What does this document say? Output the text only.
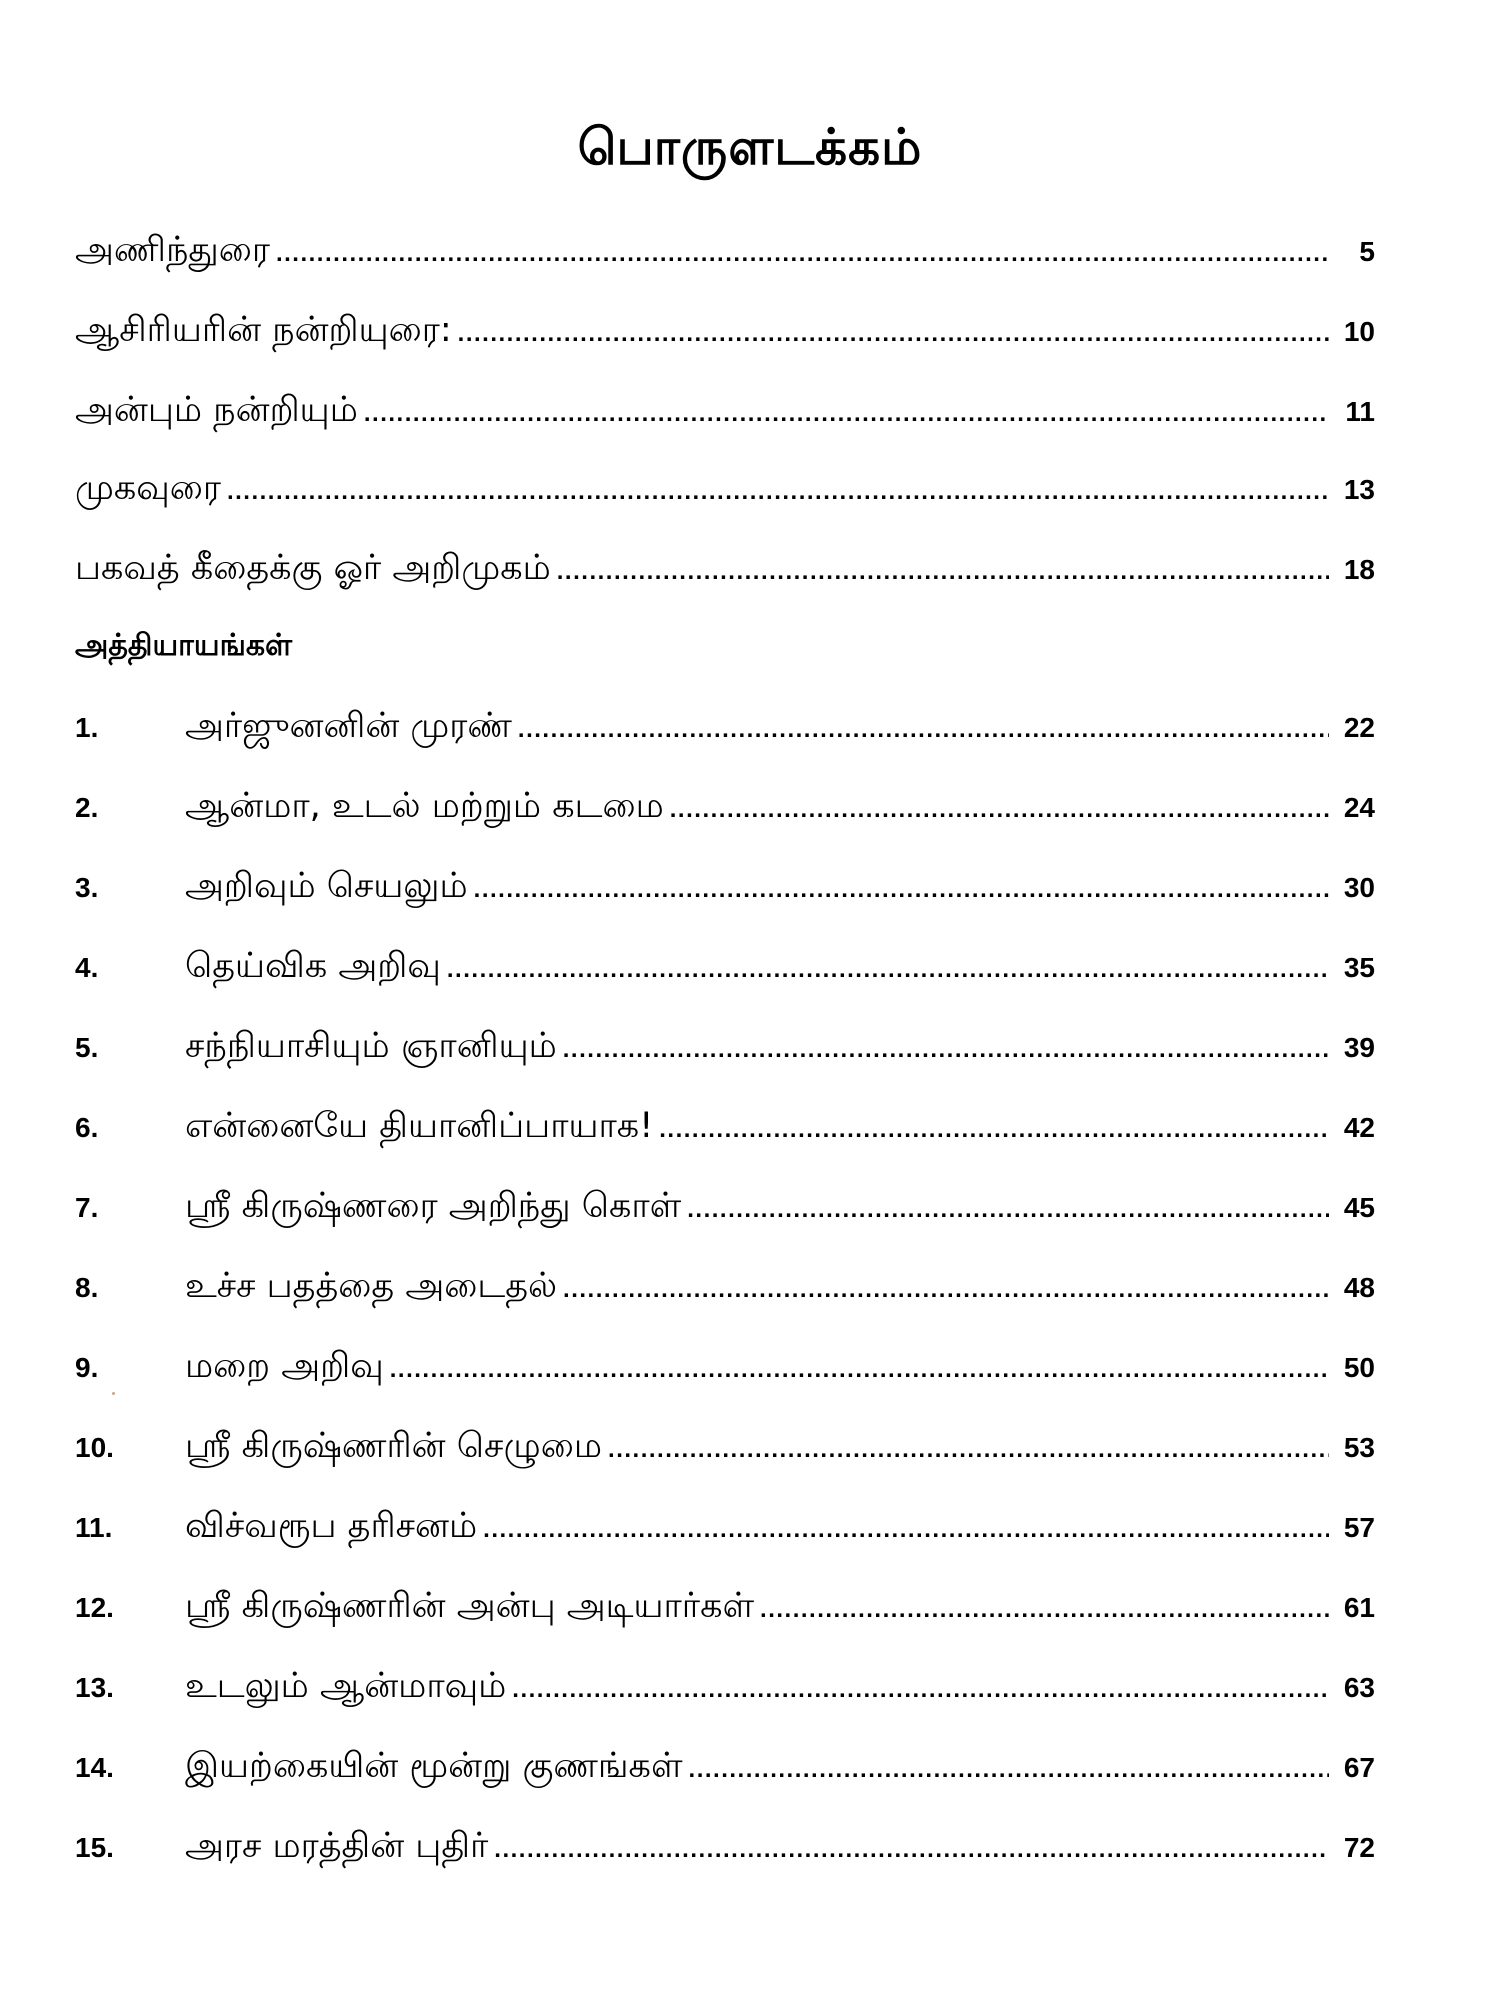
பொருளடக்கம்
அணிந்துரை .....	5
ஆசிரியரின் நன்றியுரை: .....	10
அன்பும் நன்றியும் .....	11
முகவுரை .....	13
பகவத் கீதைக்கு ஓர் அறிமுகம் .....	18
அத்தியாயங்கள்
1.	அர்ஜுனனின் முரண் .....	22
2.	ஆன்மா, உடல் மற்றும் கடமை .....	24
3.	அறிவும் செயலும் .....	30
4.	தெய்விக அறிவு .....	35
5.	சந்நியாசியும் ஞானியும் .....	39
6.	என்னையே தியானிப்பாயாக! .....	42
7.	ஸ்ரீ கிருஷ்ணரை அறிந்து கொள் .....	45
8.	உச்ச பதத்தை அடைதல் .....	48
9.	மறை அறிவு .....	50
10.	ஸ்ரீ கிருஷ்ணரின் செழுமை .....	53
11.	விச்வரூப தரிசனம் .....	57
12.	ஸ்ரீ கிருஷ்ணரின் அன்பு அடியார்கள் .....	61
13.	உடலும் ஆன்மாவும் .....	63
14.	இயற்கையின் மூன்று குணங்கள் .....	67
15.	அரச மரத்தின் புதிர் .....	72
